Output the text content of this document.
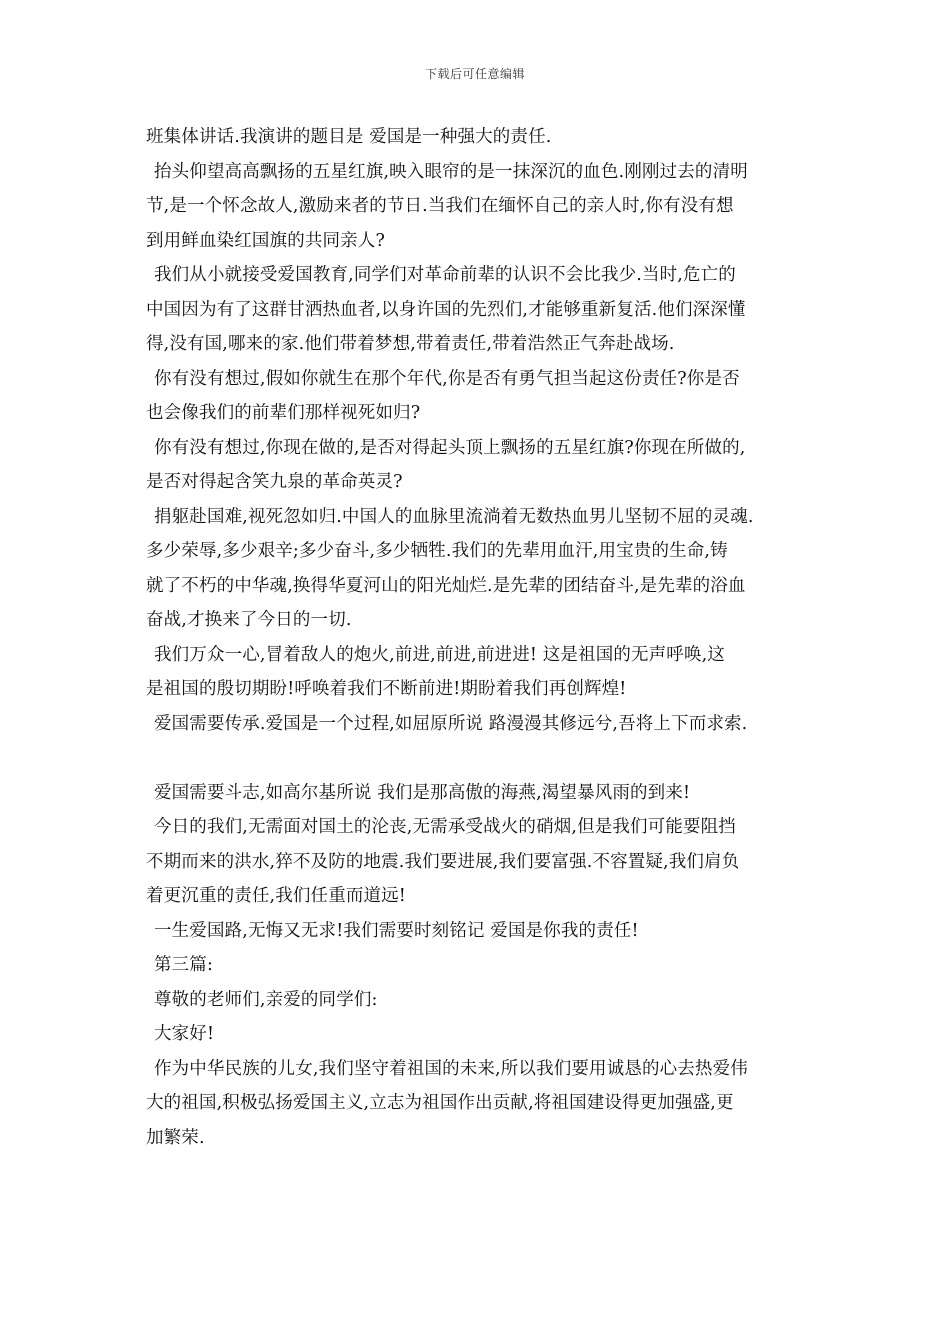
下载后可任意编辑
班集体讲话.我演讲的题目是 爱国是一种强大的责任.
抬头仰望高高飘扬的五星红旗,映入眼帘的是一抹深沉的血色.刚刚过去的清明
节,是一个怀念故人,激励来者的节日.当我们在缅怀自己的亲人时,你有没有想
到用鲜血染红国旗的共同亲人?
我们从小就接受爱国教育,同学们对革命前辈的认识不会比我少.当时,危亡的
中国因为有了这群甘洒热血者,以身许国的先烈们,才能够重新复活.他们深深懂
得,没有国,哪来的家.他们带着梦想,带着责任,带着浩然正气奔赴战场.
你有没有想过,假如你就生在那个年代,你是否有勇气担当起这份责任?你是否
也会像我们的前辈们那样视死如归?
你有没有想过,你现在做的,是否对得起头顶上飘扬的五星红旗?你现在所做的,
是否对得起含笑九泉的革命英灵?
捐躯赴国难,视死忽如归.中国人的血脉里流淌着无数热血男儿坚韧不屈的灵魂.
多少荣辱,多少艰辛;多少奋斗,多少牺牲.我们的先辈用血汗,用宝贵的生命,铸
就了不朽的中华魂,换得华夏河山的阳光灿烂.是先辈的团结奋斗,是先辈的浴血
奋战,才换来了今日的一切.
我们万众一心,冒着敌人的炮火,前进,前进,前进进! 这是祖国的无声呼唤,这
是祖国的殷切期盼!呼唤着我们不断前进!期盼着我们再创辉煌!
爱国需要传承.爱国是一个过程,如屈原所说 路漫漫其修远兮,吾将上下而求索.
爱国需要斗志,如高尔基所说 我们是那高傲的海燕,渴望暴风雨的到来!
今日的我们,无需面对国土的沦丧,无需承受战火的硝烟,但是我们可能要阻挡
不期而来的洪水,猝不及防的地震.我们要进展,我们要富强.不容置疑,我们肩负
着更沉重的责任,我们任重而道远!
一生爱国路,无悔又无求!我们需要时刻铭记 爱国是你我的责任!
第三篇:
尊敬的老师们,亲爱的同学们:
大家好!
作为中华民族的儿女,我们坚守着祖国的未来,所以我们要用诚恳的心去热爱伟
大的祖国,积极弘扬爱国主义,立志为祖国作出贡献,将祖国建设得更加强盛,更
加繁荣.
